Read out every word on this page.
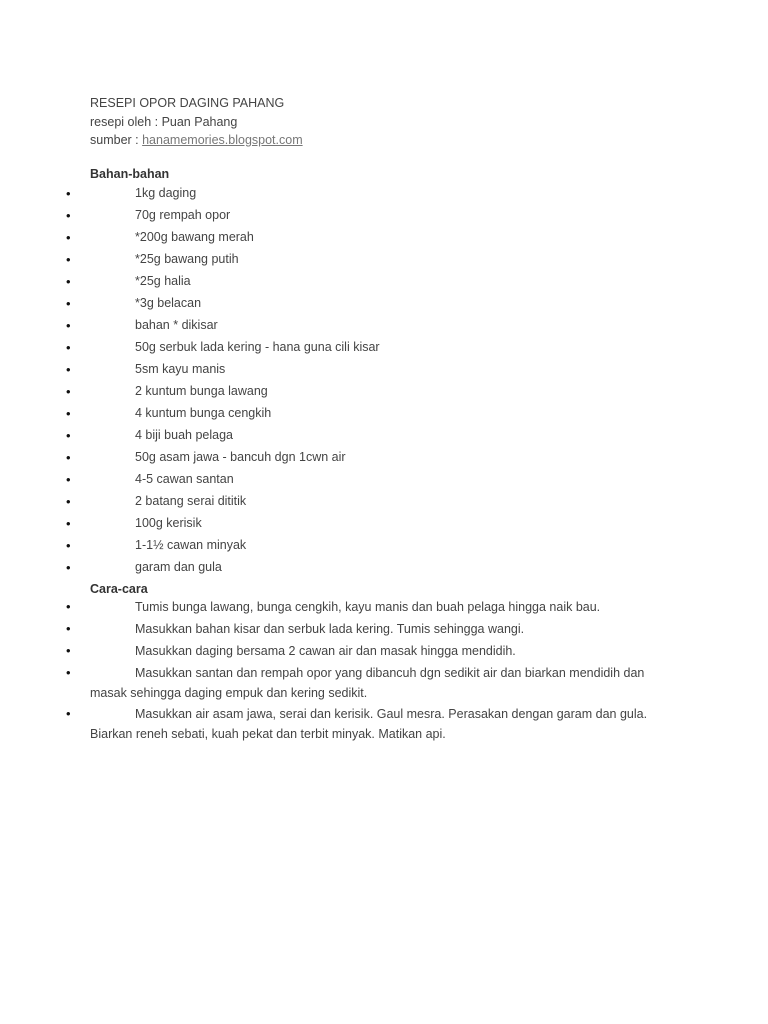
RESEPI OPOR DAGING PAHANG
resepi oleh : Puan Pahang
sumber : hanamemories.blogspot.com
Bahan-bahan
•	1kg daging
•	70g rempah opor
•	*200g bawang merah
•	*25g bawang putih
•	*25g halia
•	*3g belacan
•	bahan * dikisar
•	50g serbuk lada kering - hana guna cili kisar
•	5sm kayu manis
•	2 kuntum bunga lawang
•	4 kuntum bunga cengkih
•	4 biji buah pelaga
•	50g asam jawa - bancuh dgn 1cwn air
•	4-5 cawan santan
•	2 batang serai dititik
•	100g kerisik
•	1-1½ cawan minyak
•	garam dan gula
Cara-cara
•	Tumis bunga lawang, bunga cengkih, kayu manis dan buah pelaga hingga naik bau.
•	Masukkan bahan kisar dan serbuk lada kering. Tumis sehingga wangi.
•	Masukkan daging bersama 2 cawan air dan masak hingga mendidih.
•	Masukkan santan dan rempah opor yang dibancuh dgn sedikit air dan biarkan mendidih dan masak sehingga daging empuk dan kering sedikit.
•	Masukkan air asam jawa, serai dan kerisik. Gaul mesra. Perasakan dengan garam dan gula. Biarkan reneh sebati, kuah pekat dan terbit minyak. Matikan api.
